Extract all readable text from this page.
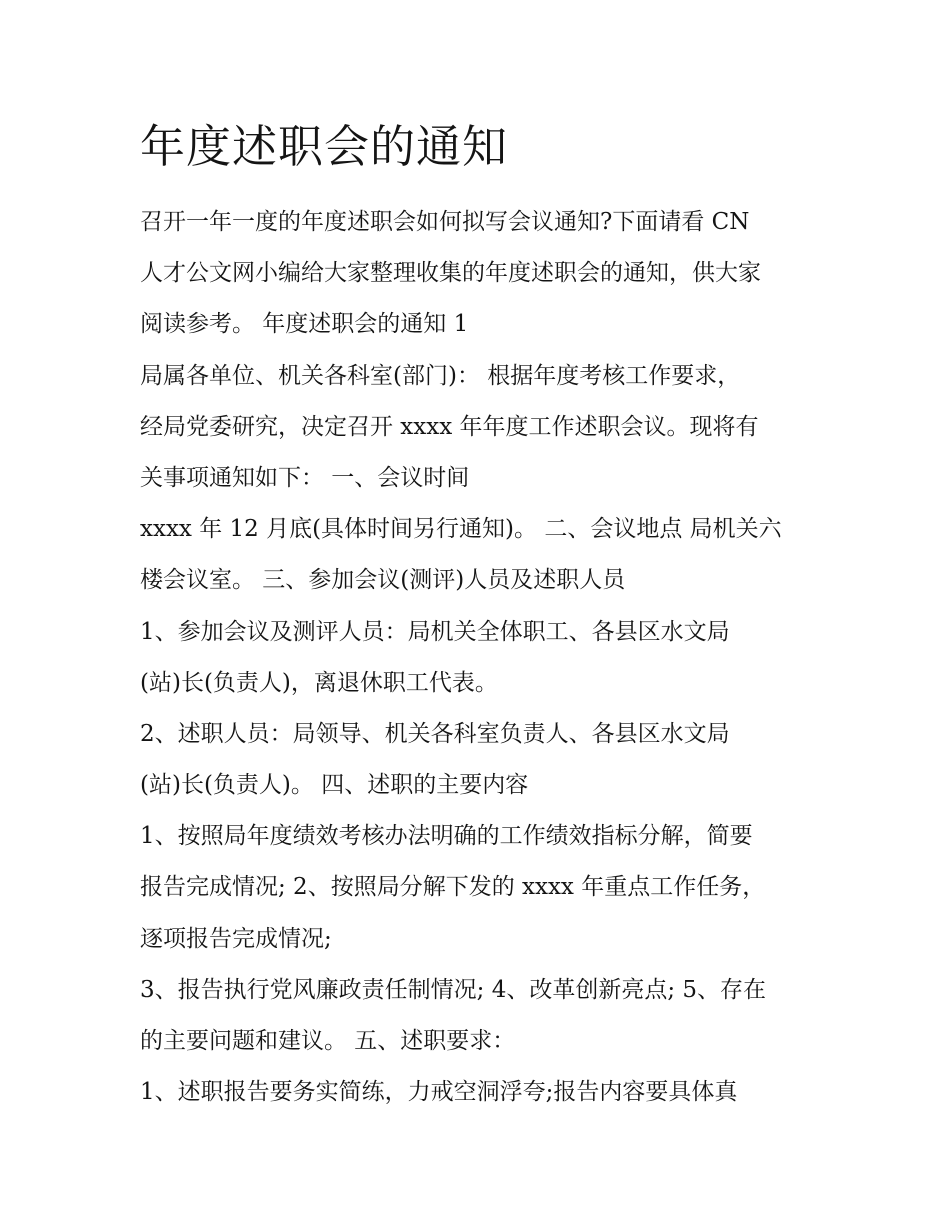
年度述职会的通知
召开一年一度的年度述职会如何拟写会议通知?下面请看 CN
人才公文网小编给大家整理收集的年度述职会的通知，供大家
阅读参考。 年度述职会的通知 1
局属各单位、机关各科室(部门)： 根据年度考核工作要求，
经局党委研究，决定召开 xxxx 年年度工作述职会议。现将有
关事项通知如下： 一、会议时间
xxxx 年 12 月底(具体时间另行通知)。 二、会议地点 局机关六
楼会议室。 三、参加会议(测评)人员及述职人员
1、参加会议及测评人员：局机关全体职工、各县区水文局
(站)长(负责人)，离退休职工代表。
2、述职人员：局领导、机关各科室负责人、各县区水文局
(站)长(负责人)。 四、述职的主要内容
1、按照局年度绩效考核办法明确的工作绩效指标分解，简要
报告完成情况; 2、按照局分解下发的 xxxx 年重点工作任务，
逐项报告完成情况;
3、报告执行党风廉政责任制情况; 4、改革创新亮点; 5、存在
的主要问题和建议。 五、述职要求：
1、述职报告要务实简练，力戒空洞浮夸;报告内容要具体真
